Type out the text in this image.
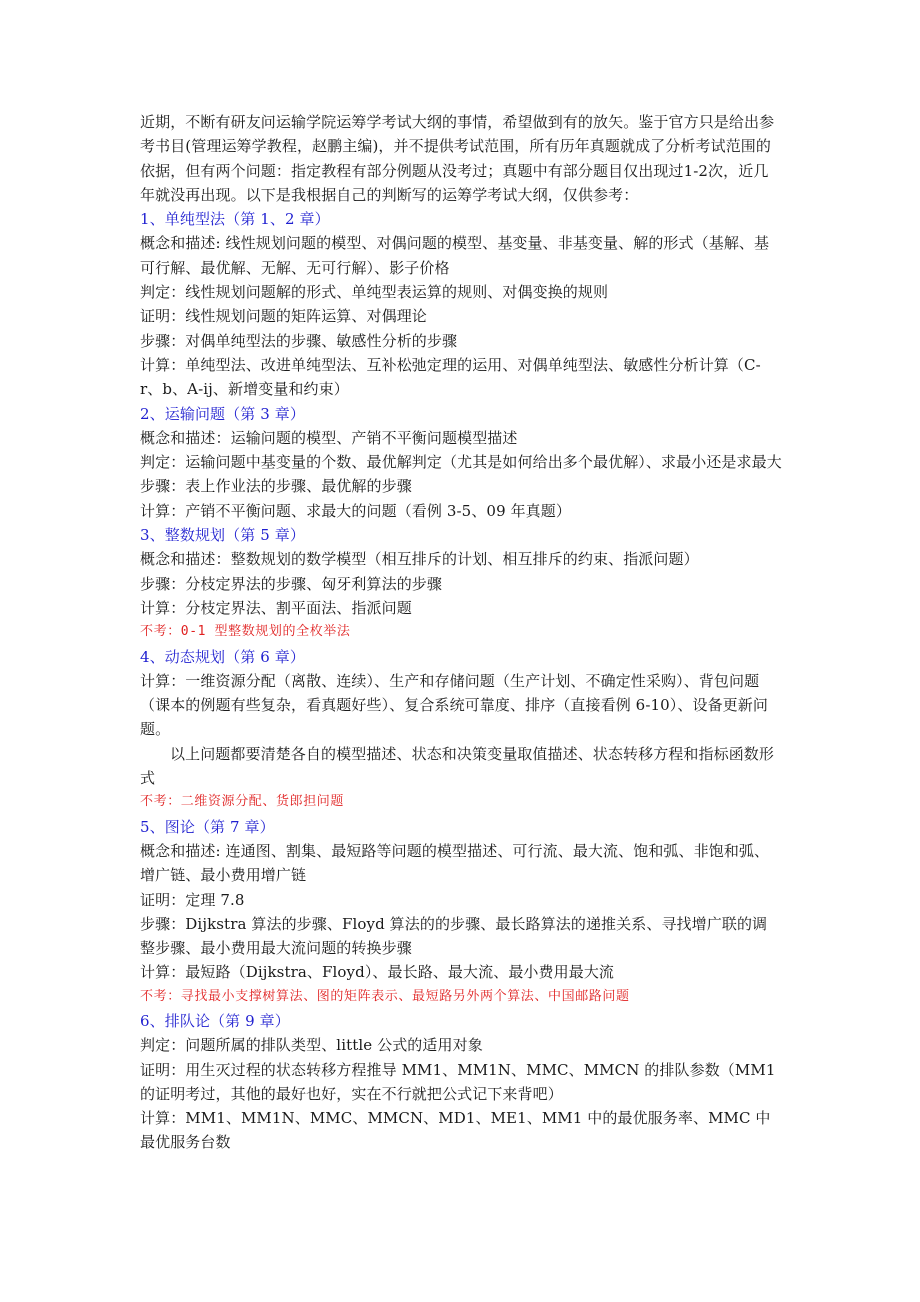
近期，不断有研友问运输学院运筹学考试大纲的事情，希望做到有的放矢。鉴于官方只是给出参考书目(管理运筹学教程，赵鹏主编)，并不提供考试范围，所有历年真题就成了分析考试范围的依据，但有两个问题：指定教程有部分例题从没考过；真题中有部分题目仅出现过1-2次，近几年就没再出现。以下是我根据自己的判断写的运筹学考试大纲，仅供参考：

1、单纯型法（第 1、2 章）

概念和描述: 线性规划问题的模型、对偶问题的模型、基变量、非基变量、解的形式（基解、基可行解、最优解、无解、无可行解）、影子价格

判定：线性规划问题解的形式、单纯型表运算的规则、对偶变换的规则

证明：线性规划问题的矩阵运算、对偶理论

步骤：对偶单纯型法的步骤、敏感性分析的步骤

计算：单纯型法、改进单纯型法、互补松弛定理的运用、对偶单纯型法、敏感性分析计算（C-r、b、A-ij、新增变量和约束）

2、运输问题（第 3 章）

概念和描述：运输问题的模型、产销不平衡问题模型描述

判定：运输问题中基变量的个数、最优解判定（尤其是如何给出多个最优解）、求最小还是求最大

步骤：表上作业法的步骤、最优解的步骤

计算：产销不平衡问题、求最大的问题（看例 3-5、09 年真题）

3、整数规划（第 5 章）

概念和描述：整数规划的数学模型（相互排斥的计划、相互排斥的约束、指派问题）

步骤：分枝定界法的步骤、匈牙利算法的步骤

计算：分枝定界法、割平面法、指派问题

不考：0-1 型整数规划的全枚举法

4、动态规划（第 6 章）

计算：一维资源分配（离散、连续）、生产和存储问题（生产计划、不确定性采购）、背包问题（课本的例题有些复杂，看真题好些）、复合系统可靠度、排序（直接看例 6-10）、设备更新问题。

以上问题都要清楚各自的模型描述、状态和决策变量取值描述、状态转移方程和指标函数形式

不考：二维资源分配、货郎担问题

5、图论（第 7 章）

概念和描述: 连通图、割集、最短路等问题的模型描述、可行流、最大流、饱和弧、非饱和弧、增广链、最小费用增广链

证明：定理 7.8

步骤：Dijkstra 算法的步骤、Floyd 算法的的步骤、最长路算法的递推关系、寻找增广联的调整步骤、最小费用最大流问题的转换步骤

计算：最短路（Dijkstra、Floyd）、最长路、最大流、最小费用最大流

不考：寻找最小支撑树算法、图的矩阵表示、最短路另外两个算法、中国邮路问题

6、排队论（第 9 章）

判定：问题所属的排队类型、little 公式的适用对象

证明：用生灭过程的状态转移方程推导 MM1、MM1N、MMC、MMCN 的排队参数（MM1 的证明考过，其他的最好也好，实在不行就把公式记下来背吧）

计算：MM1、MM1N、MMC、MMCN、MD1、ME1、MM1 中的最优服务率、MMC 中最优服务台数
